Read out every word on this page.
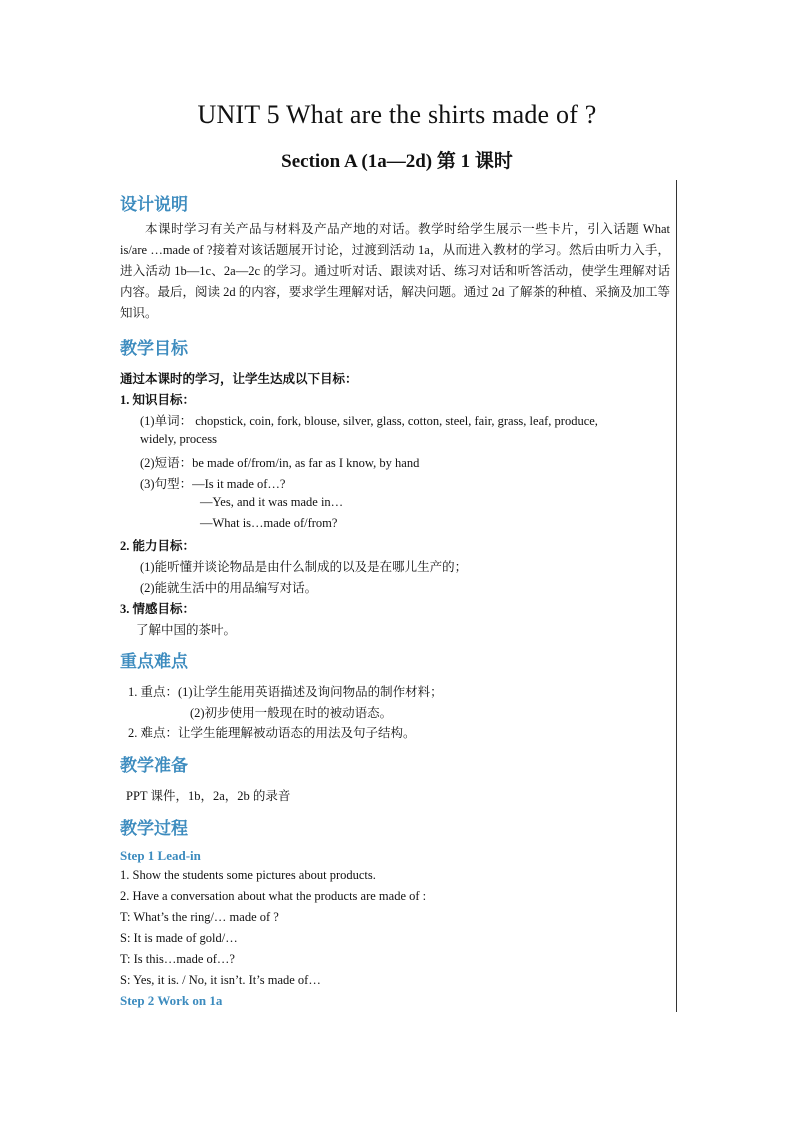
UNIT 5 What are the shirts made of ?
Section A (1a—2d) 第 1 课时
设计说明
本课时学习有关产品与材料及产品产地的对话。教学时给学生展示一些卡片，引入话题 What is/are …made of ?接着对该话题展开讨论，过渡到活动 1a，从而进入教材的学习。然后由听力入手，进入活动 1b—1c、2a—2c 的学习。通过听对话、跟读对话、练习对话和听答活动，使学生理解对话内容。最后，阅读 2d 的内容，要求学生理解对话，解决问题。通过 2d 了解茶的种植、采摘及加工等知识。
教学目标
通过本课时的学习，让学生达成以下目标：
1. 知识目标：
(1)单词： chopstick, coin, fork, blouse, silver, glass, cotton, steel, fair, grass, leaf, produce,
widely, process
(2)短语：be made of/from/in, as far as I know, by hand
(3)句型：—Is it made of…?
—Yes, and it was made in…
—What is…made of/from?
2. 能力目标：
(1)能听懂并谈论物品是由什么制成的以及是在哪儿生产的；
(2)能就生活中的用品编写对话。
3. 情感目标：
了解中国的茶叶。
重点难点
1. 重点：(1)让学生能用英语描述及询问物品的制作材料；
(2)初步使用一般现在时的被动语态。
2. 难点：让学生能理解被动语态的用法及句子结构。
教学准备
PPT 课件，1b，2a，2b 的录音
教学过程
Step 1 Lead-in
1. Show the students some pictures about products.
2. Have a conversation about what the products are made of :
T: What’s the ring/… made of ?
S: It is made of gold/…
T: Is this…made of…?
S: Yes, it is. / No, it isn’t. It’s made of…
Step 2 Work on 1a
